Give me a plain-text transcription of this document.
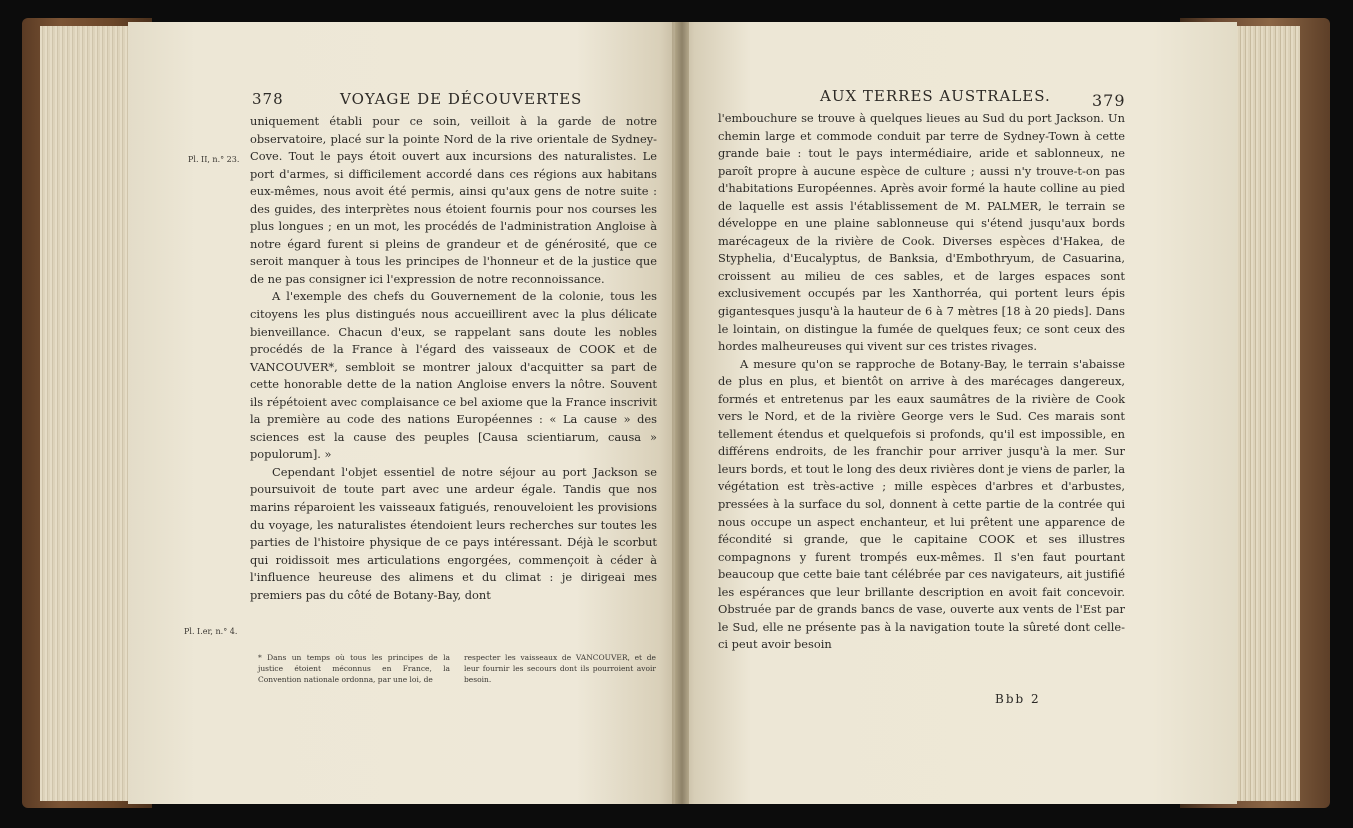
378	VOYAGE DE DÉCOUVERTES
Pl. II, n.° 23.
Pl. I.er, n.° 4.

uniquement établi pour ce soin, veilloit à la garde de notre observatoire, placé sur la pointe Nord de la rive orientale de Sydney-Cove. Tout le pays étoit ouvert aux incursions des naturalistes. Le port d'armes, si difficilement accordé dans ces régions aux habitans eux-mêmes, nous avoit été permis, ainsi qu'aux gens de notre suite : des guides, des interprètes nous étoient fournis pour nos courses les plus longues ; en un mot, les procédés de l'administration Angloise à notre égard furent si pleins de grandeur et de générosité, que ce seroit manquer à tous les principes de l'honneur et de la justice que de ne pas consigner ici l'expression de notre reconnoissance.

A l'exemple des chefs du Gouvernement de la colonie, tous les citoyens les plus distingués nous accueillirent avec la plus délicate bienveillance. Chacun d'eux, se rappelant sans doute les nobles procédés de la France à l'égard des vaisseaux de COOK et de VANCOUVER*, sembloit se montrer jaloux d'acquitter sa part de cette honorable dette de la nation Angloise envers la nôtre. Souvent ils répétoient avec complaisance ce bel axiome que la France inscrivit la première au code des nations Européennes : « La cause » des sciences est la cause des peuples [Causa scientiarum, causa » populorum]. »

Cependant l'objet essentiel de notre séjour au port Jackson se poursuivoit de toute part avec une ardeur égale. Tandis que nos marins réparoient les vaisseaux fatigués, renouveloient les provisions du voyage, les naturalistes étendoient leurs recherches sur toutes les parties de l'histoire physique de ce pays intéressant. Déjà le scorbut qui roidissoit mes articulations engorgées, commençoit à céder à l'influence heureuse des alimens et du climat : je dirigeai mes premiers pas du côté de Botany-Bay, dont

* Dans un temps où tous les principes de la justice étoient méconnus en France, la Convention nationale ordonna, par une loi, de
respecter les vaisseaux de VANCOUVER, et de leur fournir les secours dont ils pourroient avoir besoin.
AUX TERRES AUSTRALES.	379

l'embouchure se trouve à quelques lieues au Sud du port Jackson. Un chemin large et commode conduit par terre de Sydney-Town à cette grande baie : tout le pays intermédiaire, aride et sablonneux, ne paroît propre à aucune espèce de culture ; aussi n'y trouve-t-on pas d'habitations Européennes. Après avoir formé la haute colline au pied de laquelle est assis l'établissement de M. PALMER, le terrain se développe en une plaine sablonneuse qui s'étend jusqu'aux bords marécageux de la rivière de Cook. Diverses espèces d'Hakea, de Styphelia, d'Eucalyptus, de Banksia, d'Embothryum, de Casuarina, croissent au milieu de ces sables, et de larges espaces sont exclusivement occupés par les Xanthorréa, qui portent leurs épis gigantesques jusqu'à la hauteur de 6 à 7 mètres [18 à 20 pieds]. Dans le lointain, on distingue la fumée de quelques feux; ce sont ceux des hordes malheureuses qui vivent sur ces tristes rivages.

A mesure qu'on se rapproche de Botany-Bay, le terrain s'abaisse de plus en plus, et bientôt on arrive à des marécages dangereux, formés et entretenus par les eaux saumâtres de la rivière de Cook vers le Nord, et de la rivière George vers le Sud. Ces marais sont tellement étendus et quelquefois si profonds, qu'il est impossible, en différens endroits, de les franchir pour arriver jusqu'à la mer. Sur leurs bords, et tout le long des deux rivières dont je viens de parler, la végétation est très-active ; mille espèces d'arbres et d'arbustes, pressées à la surface du sol, donnent à cette partie de la contrée qui nous occupe un aspect enchanteur, et lui prêtent une apparence de fécondité si grande, que le capitaine COOK et ses illustres compagnons y furent trompés eux-mêmes. Il s'en faut pourtant beaucoup que cette baie tant célébrée par ces navigateurs, ait justifié les espérances que leur brillante description en avoit fait concevoir. Obstruée par de grands bancs de vase, ouverte aux vents de l'Est par le Sud, elle ne présente pas à la navigation toute la sûreté dont celle-ci peut avoir besoin

Bbb 2
